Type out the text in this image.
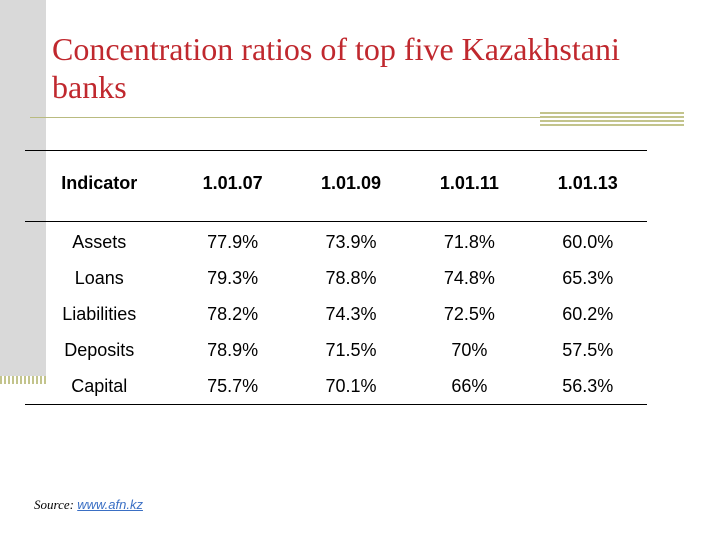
Concentration ratios of top five Kazakhstani banks
Indicator	1.01.07	1.01.09	1.01.11	1.01.13
Assets	77.9%	73.9%	71.8%	60.0%
Loans	79.3%	78.8%	74.8%	65.3%
Liabilities	78.2%	74.3%	72.5%	60.2%
Deposits	78.9%	71.5%	70%	57.5%
Capital	75.7%	70.1%	66%	56.3%
Source: www.afn.kz
